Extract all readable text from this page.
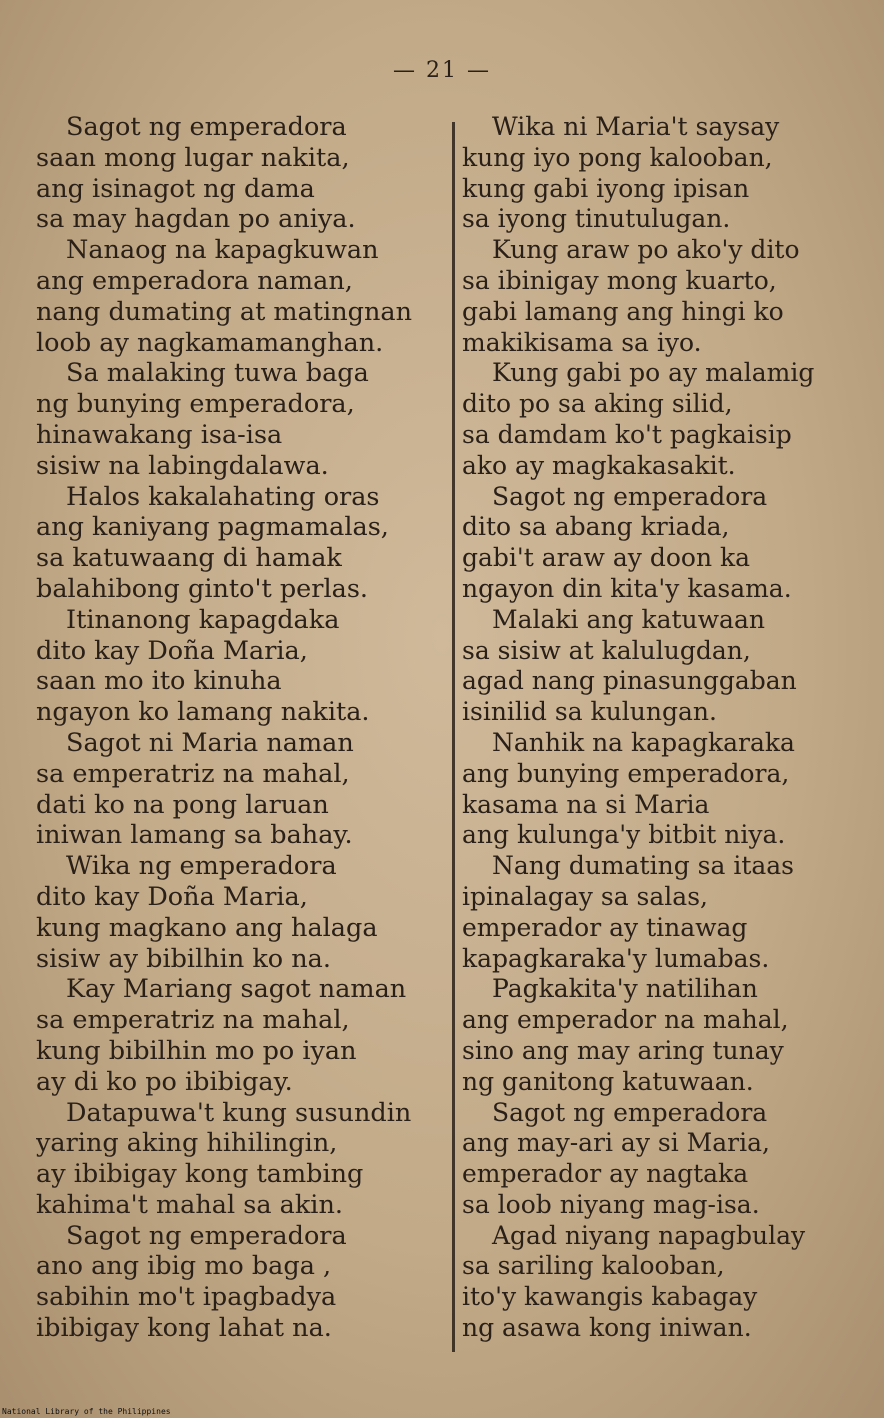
— 21 —
Sagot ng emperadora
saan mong lugar nakita,
ang isinagot ng dama
sa may hagdan po aniya.
Nanaog na kapagkuwan
ang emperadora naman,
nang dumating at matingnan
loob ay nagkamamanghan.
Sa malaking tuwa baga
ng bunying emperadora,
hinawakang isa-isa
sisiw na labingdalawa.
Halos kakalahating oras
ang kaniyang pagmamalas,
sa katuwaang di hamak
balahibong ginto't perlas.
Itinanong kapagdaka
dito kay Doña Maria,
saan mo ito kinuha
ngayon ko lamang nakita.
Sagot ni Maria naman
sa emperatriz na mahal,
dati ko na pong laruan
iniwan lamang sa bahay.
Wika ng emperadora
dito kay Doña Maria,
kung magkano ang halaga
sisiw ay bibilhin ko na.
Kay Mariang sagot naman
sa emperatriz na mahal,
kung bibilhin mo po iyan
ay di ko po ibibigay.
Datapuwa't kung susundin
yaring aking hihilingin,
ay ibibigay kong tambing
kahima't mahal sa akin.
Sagot ng emperadora
ano ang ibig mo baga ,
sabihin mo't ipagbadya
ibibigay kong lahat na.
Wika ni Maria't saysay
kung iyo pong kalooban,
kung gabi iyong ipisan
sa iyong tinutulugan.
Kung araw po ako'y dito
sa ibinigay mong kuarto,
gabi lamang ang hingi ko
makikisama sa iyo.
Kung gabi po ay malamig
dito po sa aking silid,
sa damdam ko't pagkaisip
ako ay magkakasakit.
Sagot ng emperadora
dito sa abang kriada,
gabi't araw ay doon ka
ngayon din kita'y kasama.
Malaki ang katuwaan
sa sisiw at kalulugdan,
agad nang pinasunggaban
isinilid sa kulungan.
Nanhik na kapagkaraka
ang bunying emperadora,
kasama na si Maria
ang kulunga'y bitbit niya.
Nang dumating sa itaas
ipinalagay sa salas,
emperador ay tinawag
kapagkaraka'y lumabas.
Pagkakita'y natilihan
ang emperador na mahal,
sino ang may aring tunay
ng ganitong katuwaan.
Sagot ng emperadora
ang may-ari ay si Maria,
emperador ay nagtaka
sa loob niyang mag-isa.
Agad niyang napagbulay
sa sariling kalooban,
ito'y kawangis kabagay
ng asawa kong iniwan.
National Library of the Philippines
